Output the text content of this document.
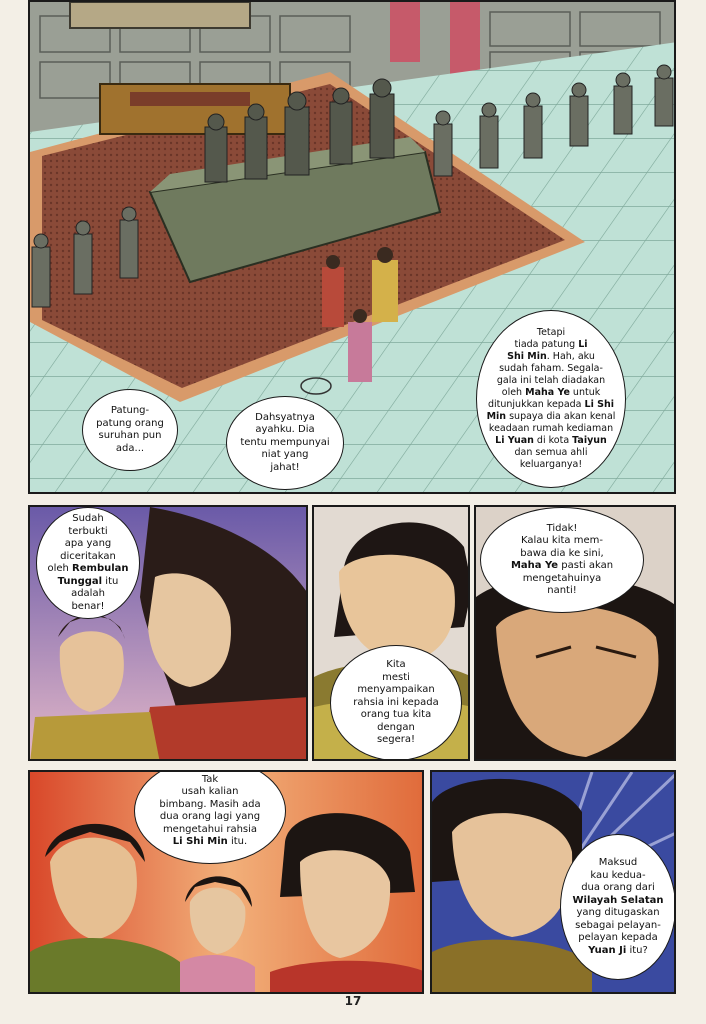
Patung-
patung orang
suruhan pun
ada...
Dahsyatnya
ayahku. Dia
tentu mempunyai
niat yang
jahat!
Tetapi
tiada patung Li
Shi Min. Hah, aku
sudah faham. Segala-
gala ini telah diadakan
oleh Maha Ye untuk
ditunjukkan kepada Li Shi
Min supaya dia akan kenal
keadaan rumah kediaman
Li Yuan di kota Taiyun
dan semua ahli
keluarganya!
Sudah
terbukti
apa yang
diceritakan
oleh Rembulan
Tunggal itu
adalah
benar!
Kita
mesti
menyampaikan
rahsia ini kepada
orang tua kita
dengan
segera!
Tidak!
Kalau kita mem-
bawa dia ke sini,
Maha Ye pasti akan
mengetahuinya
nanti!
Tak
usah kalian
bimbang. Masih ada
dua orang lagi yang
mengetahui rahsia
Li Shi Min itu.
Maksud
kau kedua-
dua orang dari
Wilayah Selatan
yang ditugaskan
sebagai pelayan-
pelayan kepada
Yuan Ji itu?
17
